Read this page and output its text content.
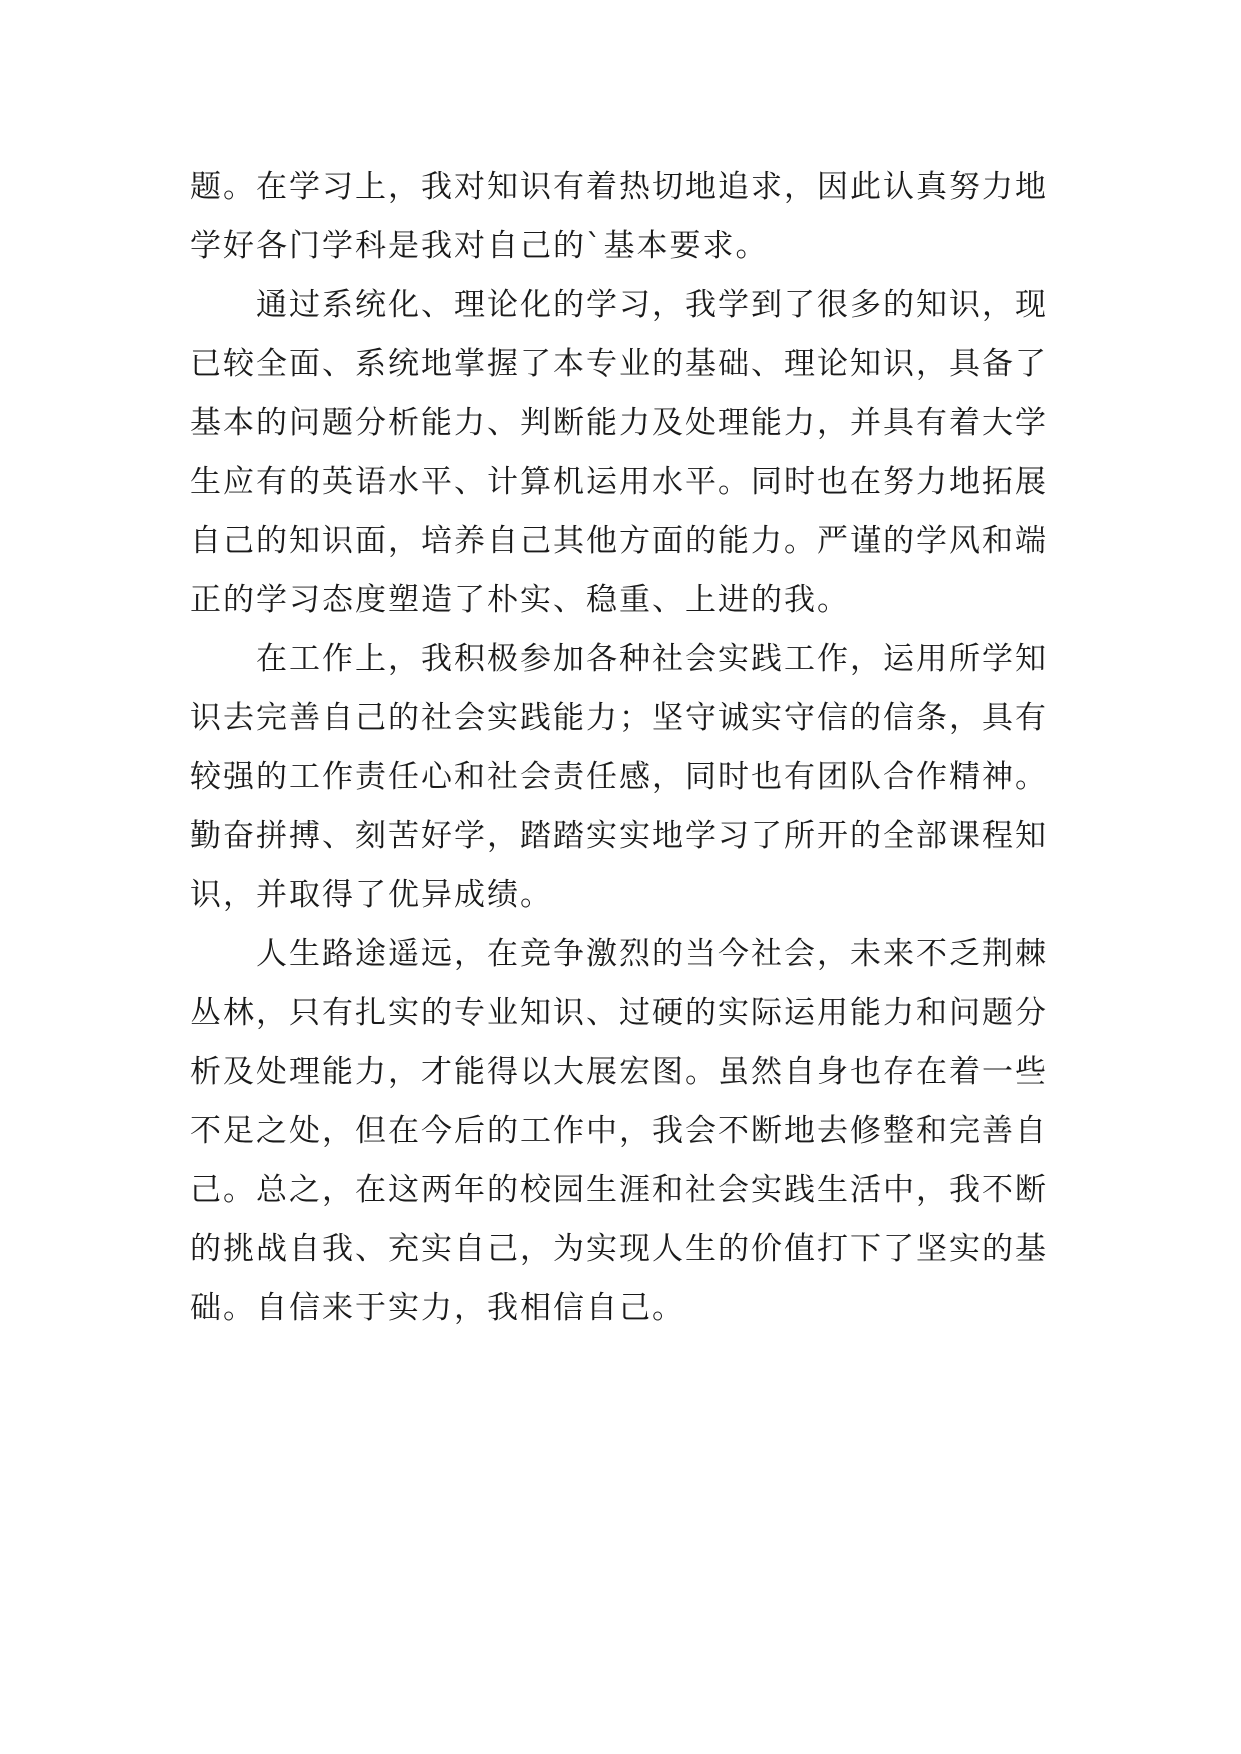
题。在学习上，我对知识有着热切地追求，因此认真努力地

学好各门学科是我对自己的`基本要求。

通过系统化、理论化的学习，我学到了很多的知识，现

已较全面、系统地掌握了本专业的基础、理论知识，具备了

基本的问题分析能力、判断能力及处理能力，并具有着大学

生应有的英语水平、计算机运用水平。同时也在努力地拓展

自己的知识面，培养自己其他方面的能力。严谨的学风和端

正的学习态度塑造了朴实、稳重、上进的我。

在工作上，我积极参加各种社会实践工作，运用所学知

识去完善自己的社会实践能力；坚守诚实守信的信条，具有

较强的工作责任心和社会责任感，同时也有团队合作精神。

勤奋拼搏、刻苦好学，踏踏实实地学习了所开的全部课程知

识，并取得了优异成绩。

人生路途遥远，在竞争激烈的当今社会，未来不乏荆棘

丛林，只有扎实的专业知识、过硬的实际运用能力和问题分

析及处理能力，才能得以大展宏图。虽然自身也存在着一些

不足之处，但在今后的工作中，我会不断地去修整和完善自

己。总之，在这两年的校园生涯和社会实践生活中，我不断

的挑战自我、充实自己，为实现人生的价值打下了坚实的基

础。自信来于实力，我相信自己。
